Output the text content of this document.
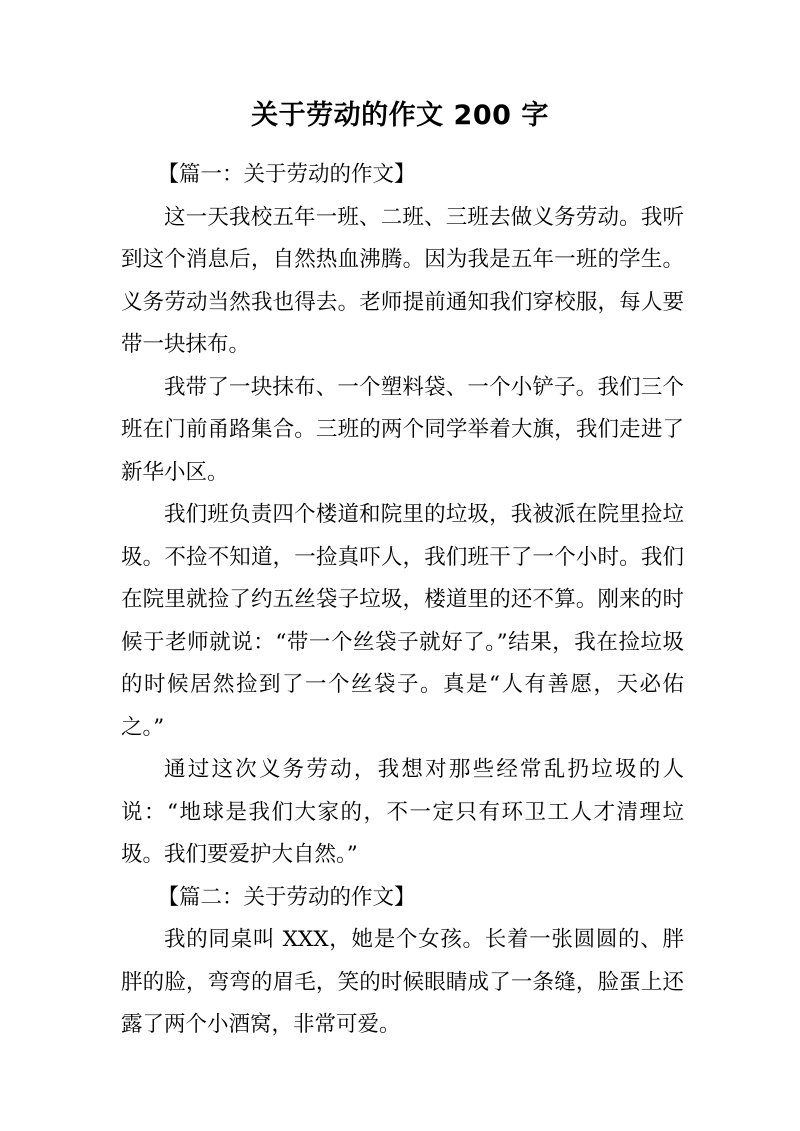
关于劳动的作文 200 字

【篇一：关于劳动的作文】

这一天我校五年一班、二班、三班去做义务劳动。我听到这个消息后，自然热血沸腾。因为我是五年一班的学生。义务劳动当然我也得去。老师提前通知我们穿校服，每人要带一块抹布。

我带了一块抹布、一个塑料袋、一个小铲子。我们三个班在门前甬路集合。三班的两个同学举着大旗，我们走进了新华小区。

我们班负责四个楼道和院里的垃圾，我被派在院里捡垃圾。不捡不知道，一捡真吓人，我们班干了一个小时。我们在院里就捡了约五丝袋子垃圾，楼道里的还不算。刚来的时候于老师就说：“带一个丝袋子就好了。”结果，我在捡垃圾的时候居然捡到了一个丝袋子。真是“人有善愿，天必佑之。”

通过这次义务劳动，我想对那些经常乱扔垃圾的人说：“地球是我们大家的，不一定只有环卫工人才清理垃圾。我们要爱护大自然。”

【篇二：关于劳动的作文】

我的同桌叫 XXX，她是个女孩。长着一张圆圆的、胖胖的脸，弯弯的眉毛，笑的时候眼睛成了一条缝，脸蛋上还露了两个小酒窝，非常可爱。
